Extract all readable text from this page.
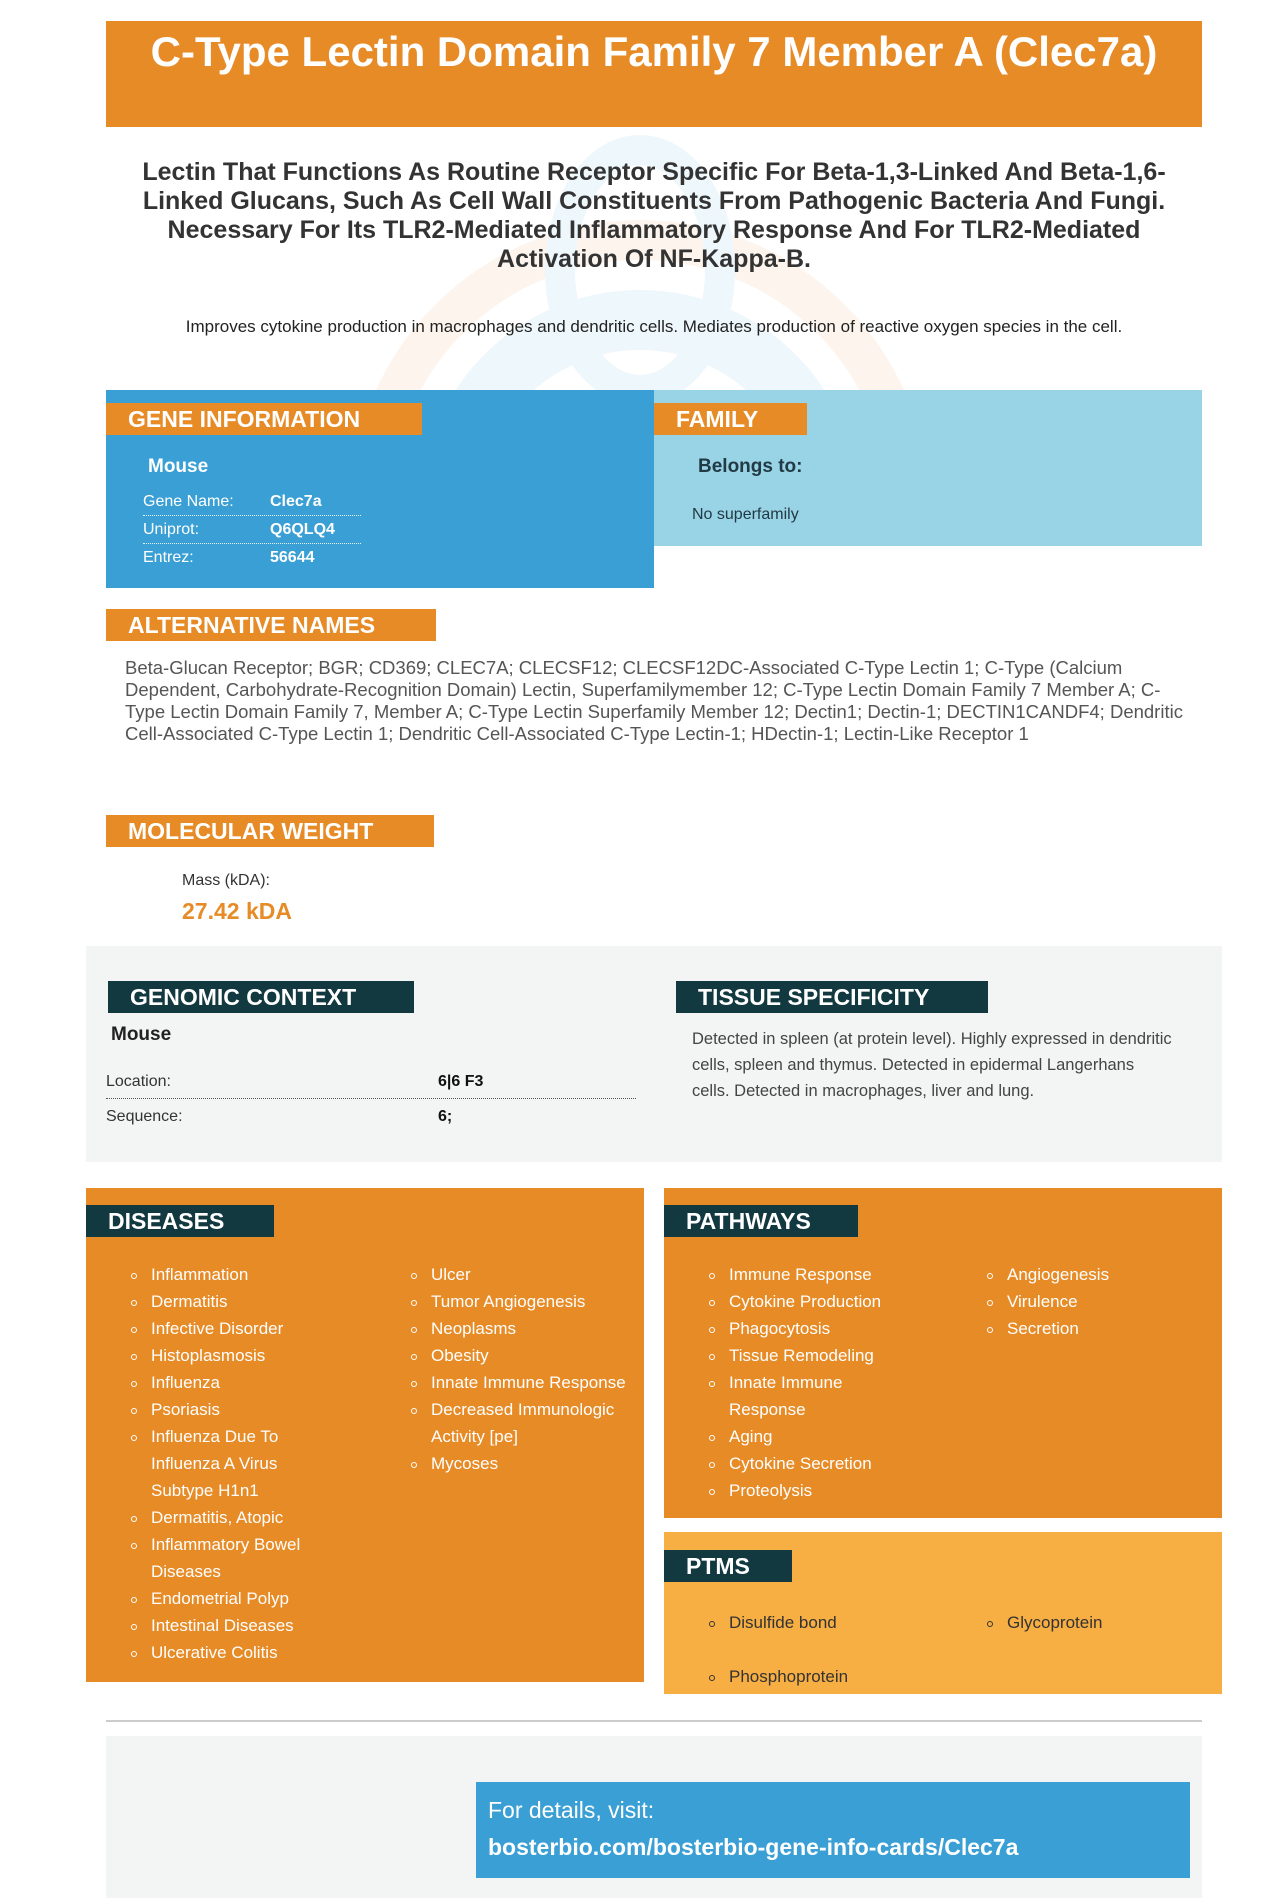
C-Type Lectin Domain Family 7 Member A (Clec7a)
Lectin That Functions As Routine Receptor Specific For Beta-1,3-Linked And Beta-1,6-Linked Glucans, Such As Cell Wall Constituents From Pathogenic Bacteria And Fungi. Necessary For Its TLR2-Mediated Inflammatory Response And For TLR2-Mediated Activation Of NF-Kappa-B.
Improves cytokine production in macrophages and dendritic cells. Mediates production of reactive oxygen species in the cell.
GENE INFORMATION	FAMILY
Mouse
Gene Name: Clec7a
Uniprot:	Q6QLQ4
Entrez:	56644
Belongs to:
No superfamily
ALTERNATIVE NAMES
Beta-Glucan Receptor; BGR; CD369; CLEC7A; CLECSF12; CLECSF12DC-Associated C-Type Lectin 1; C-Type (Calcium Dependent, Carbohydrate-Recognition Domain) Lectin, Superfamilymember 12; C-Type Lectin Domain Family 7 Member A; C-Type Lectin Domain Family 7, Member A; C-Type Lectin Superfamily Member 12; Dectin1; Dectin-1; DECTIN1CANDF4; Dendritic Cell-Associated C-Type Lectin 1; Dendritic Cell-Associated C-Type Lectin-1; HDectin-1; Lectin-Like Receptor 1
MOLECULAR WEIGHT
Mass (kDA):
27.42 kDA
GENOMIC CONTEXT	TISSUE SPECIFICITY
Mouse
Location:	6|6 F3
Sequence:	6;
Detected in spleen (at protein level). Highly expressed in dendritic cells, spleen and thymus. Detected in epidermal Langerhans cells. Detected in macrophages, liver and lung.
DISEASES
Inflammation
Dermatitis
Infective Disorder
Histoplasmosis
Influenza
Psoriasis
Influenza Due To Influenza A Virus Subtype H1n1
Dermatitis, Atopic
Inflammatory Bowel Diseases
Endometrial Polyp
Intestinal Diseases
Ulcerative Colitis
Ulcer
Tumor Angiogenesis
Neoplasms
Obesity
Innate Immune Response
Decreased Immunologic Activity [pe]
Mycoses
PATHWAYS
Immune Response
Cytokine Production
Phagocytosis
Tissue Remodeling
Innate Immune Response
Aging
Cytokine Secretion
Proteolysis
Angiogenesis
Virulence
Secretion
PTMS
Disulfide bond
Phosphoprotein
Glycoprotein
For details, visit:
bosterbio.com/bosterbio-gene-info-cards/Clec7a
